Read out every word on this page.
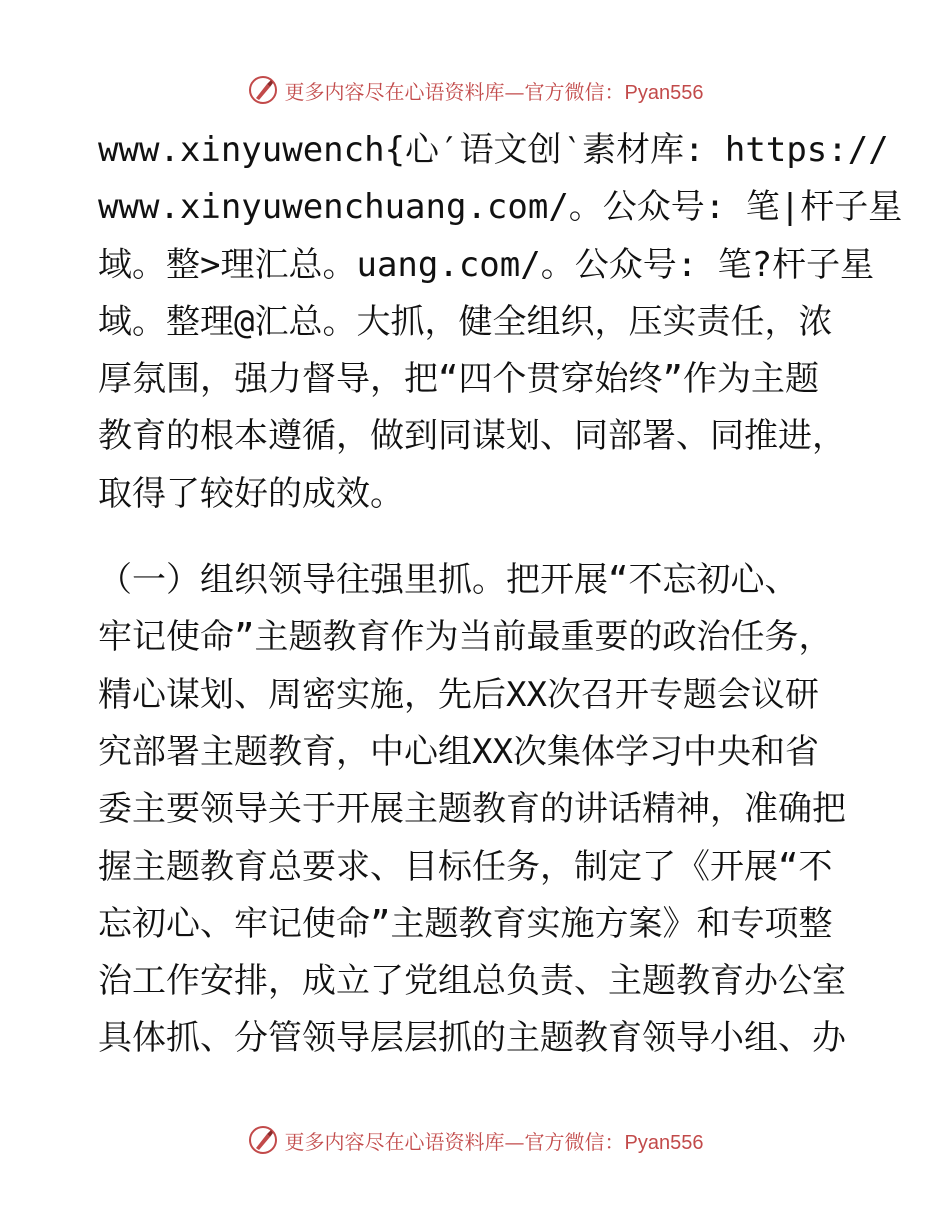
更多内容尽在心语资料库—官方微信：Pyan556
www.xinyuwench{心′语文创‵素材库: https://
www.xinyuwenchuang.com/。公众号: 笔|杆子星
域。整>理汇总。uang.com/。公众号: 笔?杆子星
域。整理@汇总。大抓，健全组织，压实责任，浓
厚氛围，强力督导，把“四个贯穿始终”作为主题
教育的根本遵循，做到同谋划、同部署、同推进，
取得了较好的成效。
（一）组织领导往强里抓。把开展“不忘初心、
牢记使命”主题教育作为当前最重要的政治任务，
精心谋划、周密实施，先后XX次召开专题会议研
究部署主题教育，中心组XX次集体学习中央和省
委主要领导关于开展主题教育的讲话精神，准确把
握主题教育总要求、目标任务，制定了《开展“不
忘初心、牢记使命”主题教育实施方案》和专项整
治工作安排，成立了党组总负责、主题教育办公室
具体抓、分管领导层层抓的主题教育领导小组、办
更多内容尽在心语资料库—官方微信：Pyan556
